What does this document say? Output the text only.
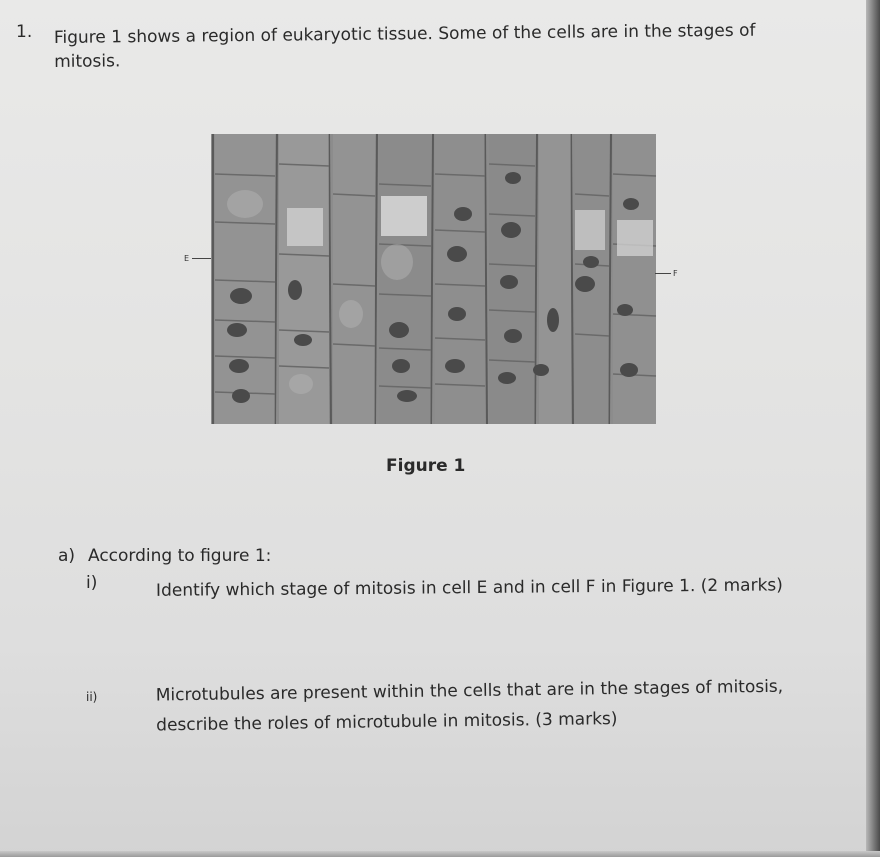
1. Figure 1 shows a region of eukaryotic tissue. Some of the cells are in the stages of mitosis.
E
F
Figure 1
a) According to figure 1:
i)	Identify which stage of mitosis in cell E and in cell F in Figure 1. (2 marks)
ii)	Microtubules are present within the cells that are in the stages of mitosis, describe the roles of microtubule in mitosis. (3 marks)
